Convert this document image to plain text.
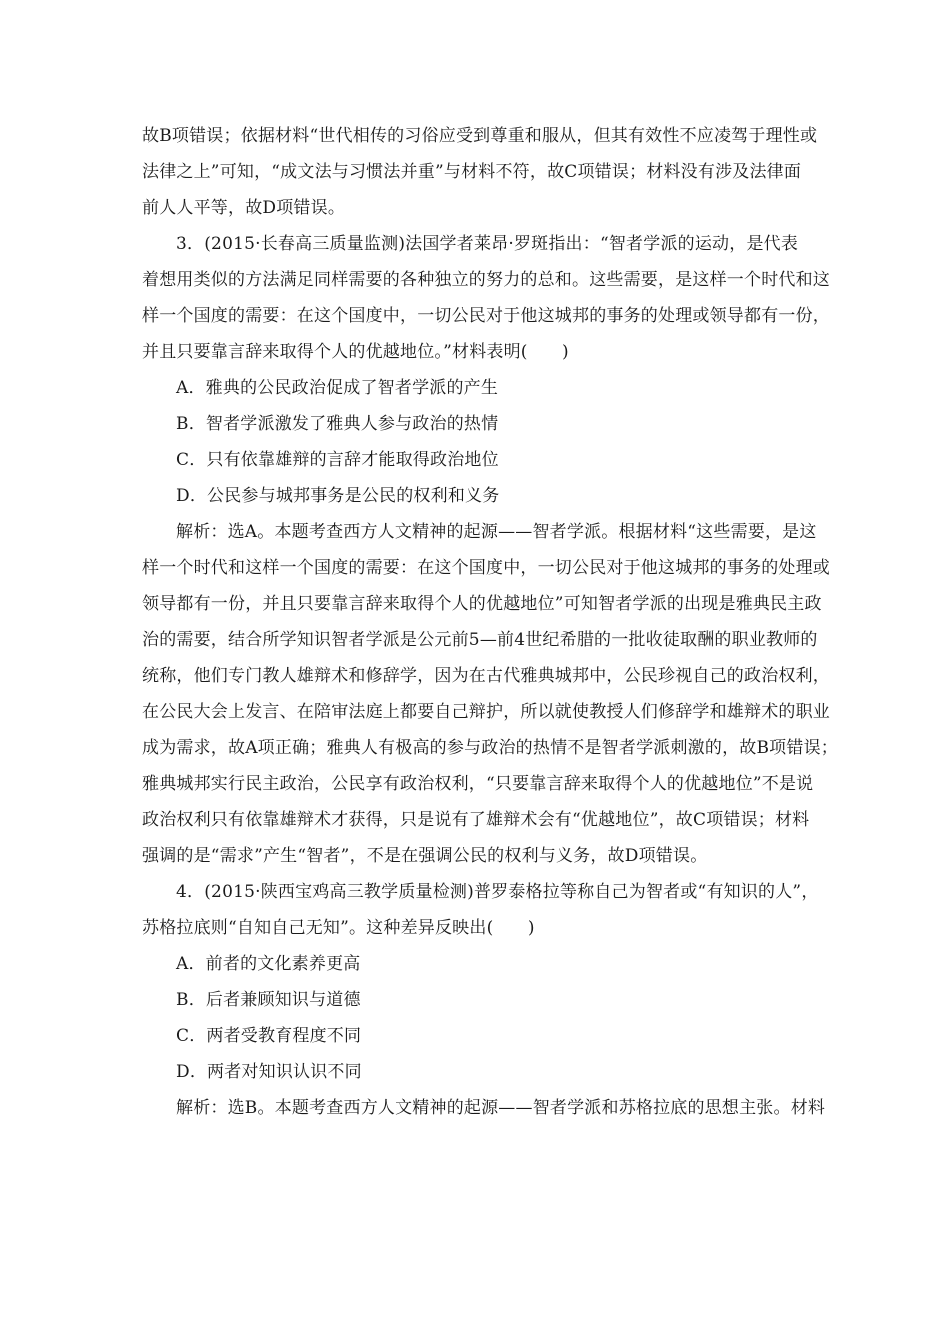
故B项错误；依据材料“世代相传的习俗应受到尊重和服从，但其有效性不应凌驾于理性或
法律之上”可知，“成文法与习惯法并重”与材料不符，故C项错误；材料没有涉及法律面
前人人平等，故D项错误。
3．(2015·长春高三质量监测)法国学者莱昂·罗斑指出：“智者学派的运动，是代表
着想用类似的方法满足同样需要的各种独立的努力的总和。这些需要，是这样一个时代和这
样一个国度的需要：在这个国度中，一切公民对于他这城邦的事务的处理或领导都有一份，
并且只要靠言辞来取得个人的优越地位。”材料表明(　　)
A．雅典的公民政治促成了智者学派的产生
B．智者学派激发了雅典人参与政治的热情
C．只有依靠雄辩的言辞才能取得政治地位
D．公民参与城邦事务是公民的权利和义务
解析：选A。本题考查西方人文精神的起源——智者学派。根据材料“这些需要，是这
样一个时代和这样一个国度的需要：在这个国度中，一切公民对于他这城邦的事务的处理或
领导都有一份，并且只要靠言辞来取得个人的优越地位”可知智者学派的出现是雅典民主政
治的需要，结合所学知识智者学派是公元前5—前4世纪希腊的一批收徒取酬的职业教师的
统称，他们专门教人雄辩术和修辞学，因为在古代雅典城邦中，公民珍视自己的政治权利，
在公民大会上发言、在陪审法庭上都要自己辩护，所以就使教授人们修辞学和雄辩术的职业
成为需求，故A项正确；雅典人有极高的参与政治的热情不是智者学派刺激的，故B项错误；
雅典城邦实行民主政治，公民享有政治权利，“只要靠言辞来取得个人的优越地位”不是说
政治权利只有依靠雄辩术才获得，只是说有了雄辩术会有“优越地位”，故C项错误；材料
强调的是“需求”产生“智者”，不是在强调公民的权利与义务，故D项错误。
4．(2015·陕西宝鸡高三教学质量检测)普罗泰格拉等称自己为智者或“有知识的人”，
苏格拉底则“自知自己无知”。这种差异反映出(　　)
A．前者的文化素养更高
B．后者兼顾知识与道德
C．两者受教育程度不同
D．两者对知识认识不同
解析：选B。本题考查西方人文精神的起源——智者学派和苏格拉底的思想主张。材料
